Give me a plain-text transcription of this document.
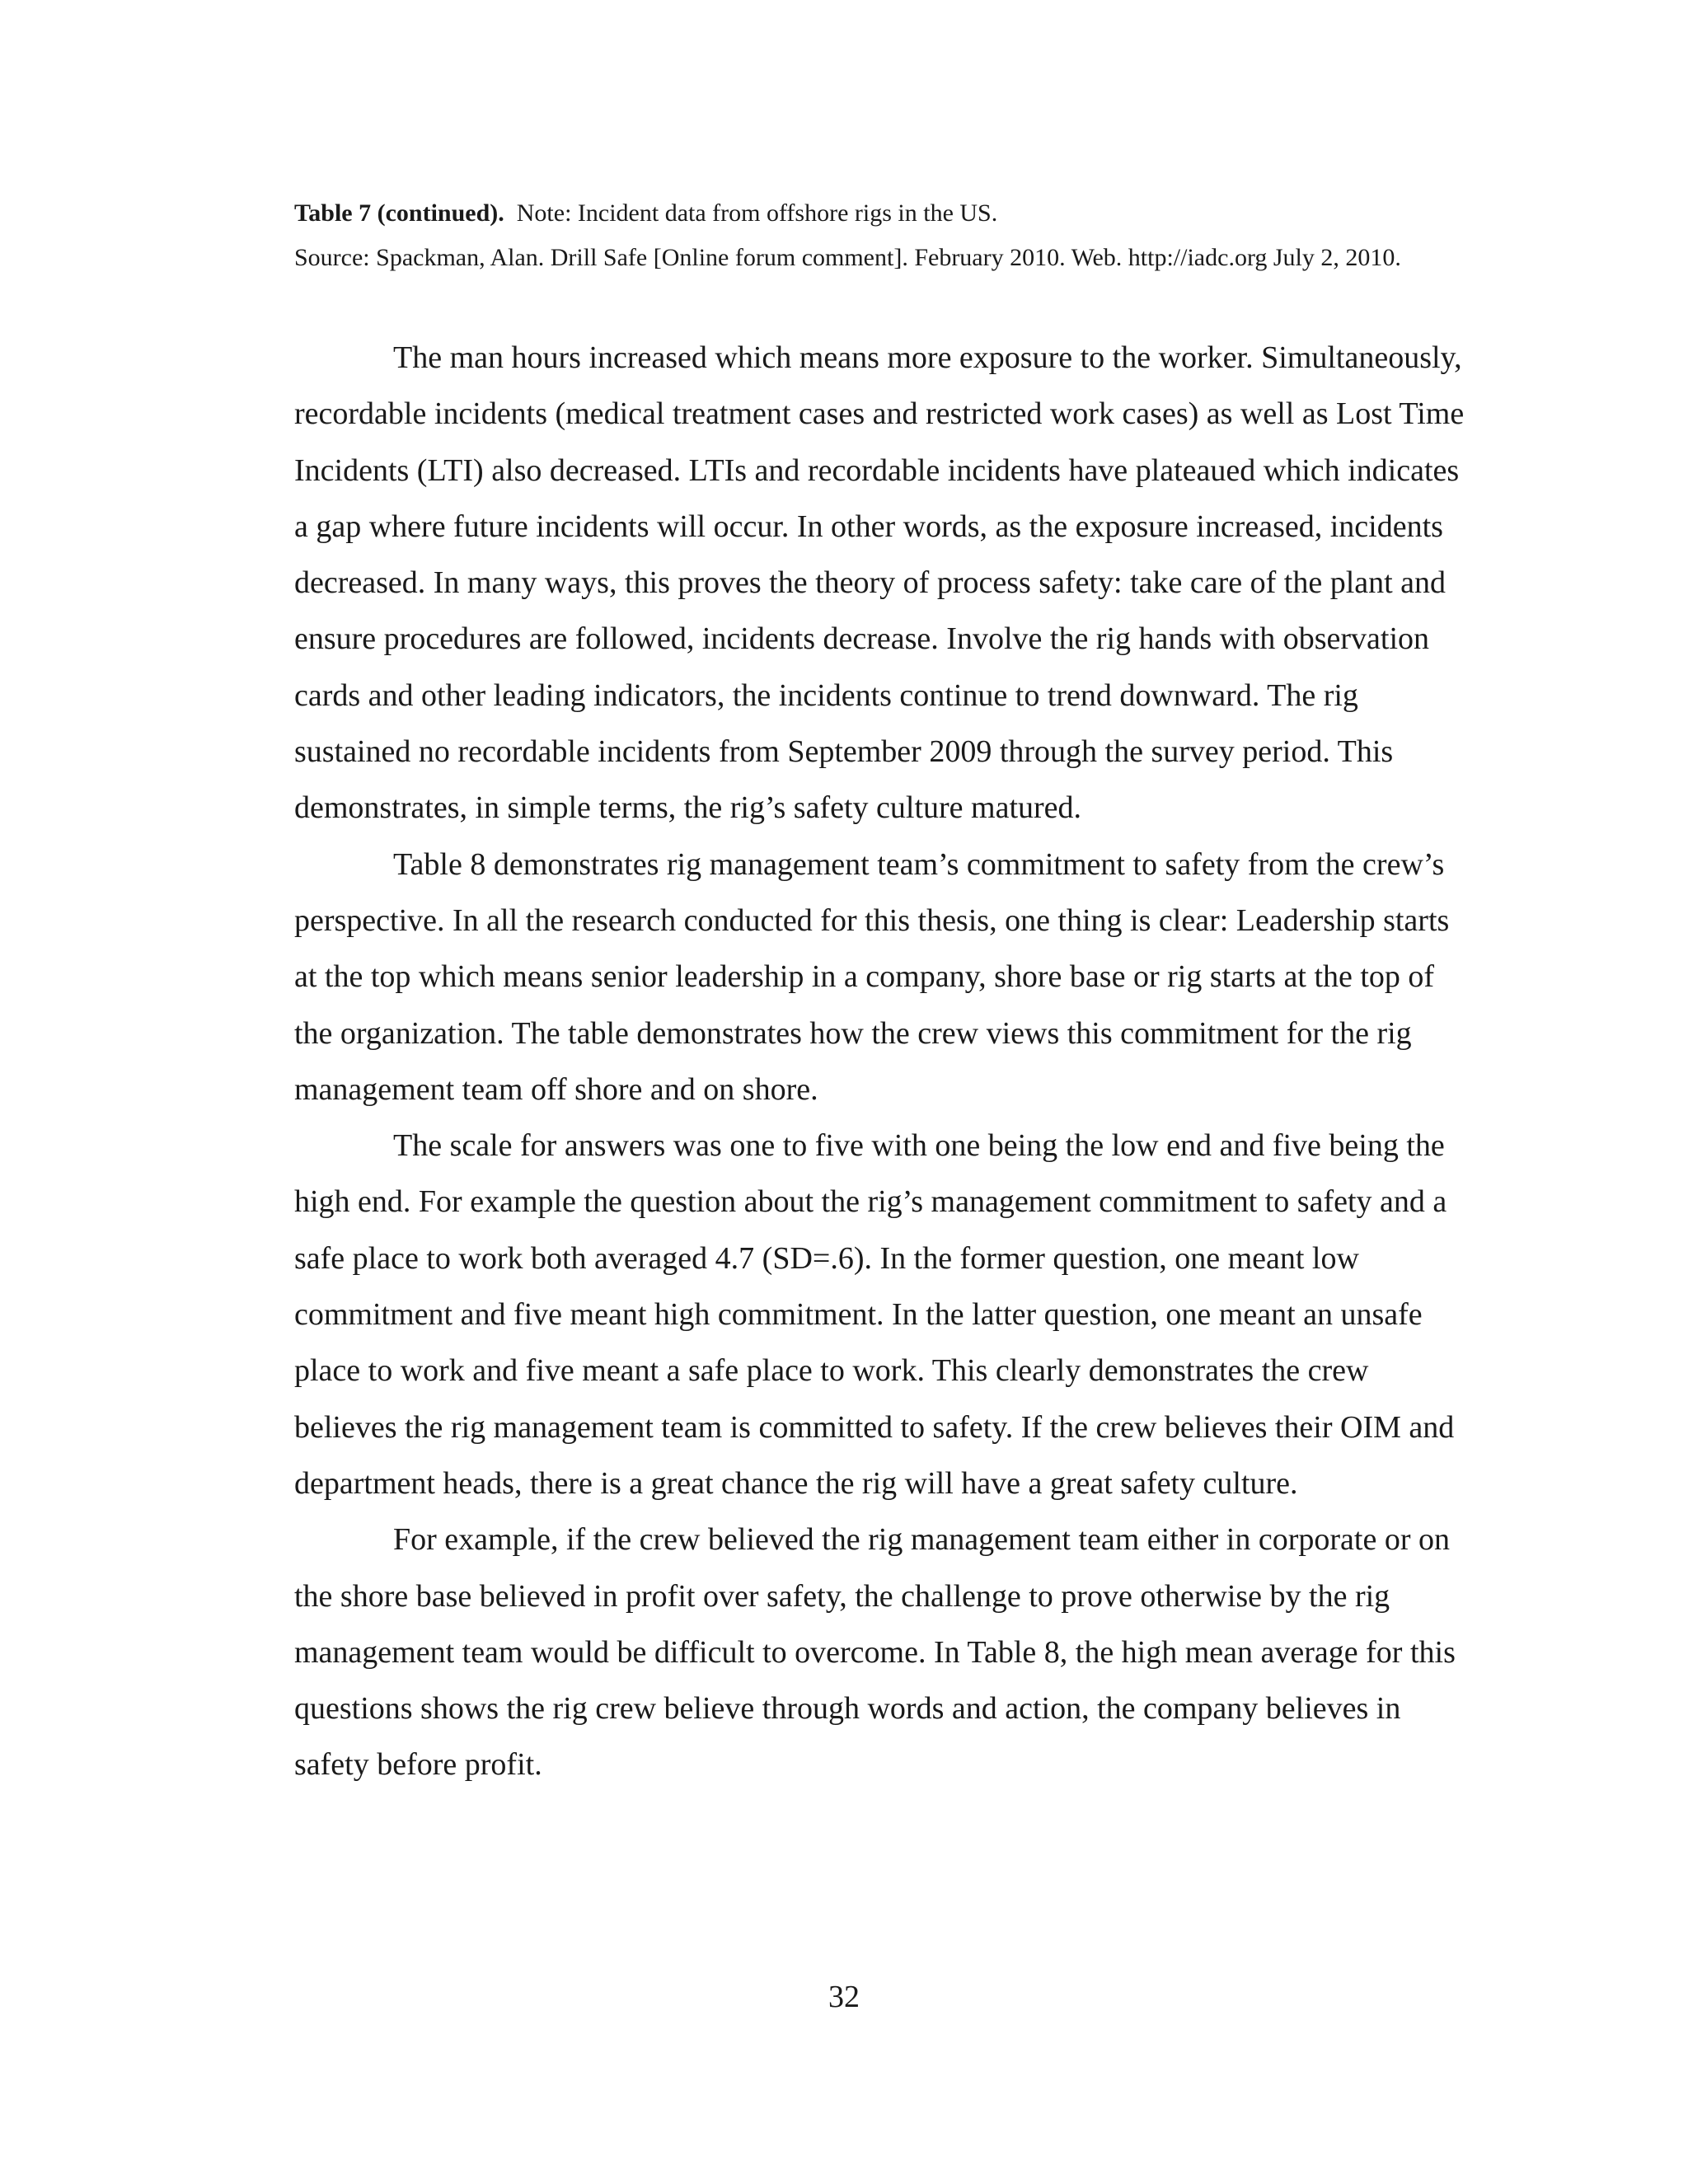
Table 7 (continued). Note: Incident data from offshore rigs in the US.

Source: Spackman, Alan. Drill Safe [Online forum comment]. February 2010. Web. http://iadc.org July 2, 2010.

The man hours increased which means more exposure to the worker. Simultaneously, recordable incidents (medical treatment cases and restricted work cases) as well as Lost Time Incidents (LTI) also decreased. LTIs and recordable incidents have plateaued which indicates a gap where future incidents will occur. In other words, as the exposure increased, incidents decreased. In many ways, this proves the theory of process safety: take care of the plant and ensure procedures are followed, incidents decrease. Involve the rig hands with observation cards and other leading indicators, the incidents continue to trend downward. The rig sustained no recordable incidents from September 2009 through the survey period. This demonstrates, in simple terms, the rig’s safety culture matured.

Table 8 demonstrates rig management team’s commitment to safety from the crew’s perspective. In all the research conducted for this thesis, one thing is clear: Leadership starts at the top which means senior leadership in a company, shore base or rig starts at the top of the organization. The table demonstrates how the crew views this commitment for the rig management team off shore and on shore.

The scale for answers was one to five with one being the low end and five being the high end. For example the question about the rig’s management commitment to safety and a safe place to work both averaged 4.7 (SD=.6). In the former question, one meant low commitment and five meant high commitment. In the latter question, one meant an unsafe place to work and five meant a safe place to work. This clearly demonstrates the crew believes the rig management team is committed to safety. If the crew believes their OIM and department heads, there is a great chance the rig will have a great safety culture.

For example, if the crew believed the rig management team either in corporate or on the shore base believed in profit over safety, the challenge to prove otherwise by the rig management team would be difficult to overcome. In Table 8, the high mean average for this questions shows the rig crew believe through words and action, the company believes in safety before profit.

32
